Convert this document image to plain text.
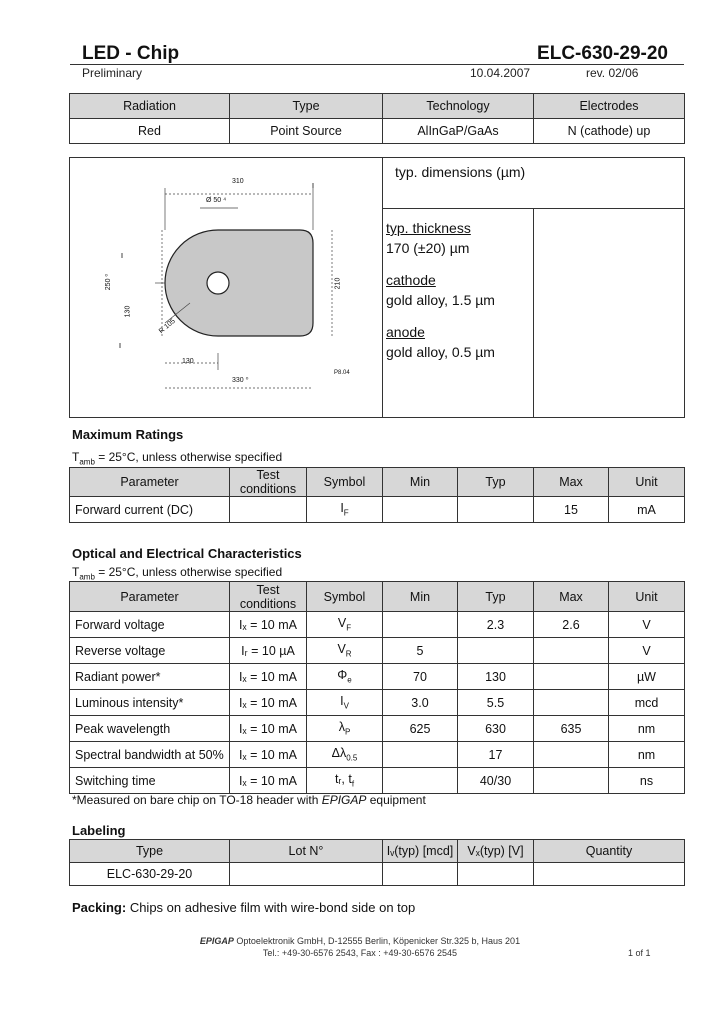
LED - Chip	ELC-630-29-20
Preliminary	10.04.2007	rev. 02/06
Radiation	Type	Technology	Electrodes
Red	Point Source	AlInGaP/GaAs	N (cathode) up
310
Ø 50 ⁴
250 ⁰
130
210
R 105
130
330 ⁰
P8.04
typ. dimensions (µm)
typ. thickness
170 (±20) µm
cathode
gold alloy, 1.5 µm
anode
gold alloy, 0.5 µm
Maximum Ratings
$T_{amb} = 25^\circ C$, unless otherwise specified
Parameter	Test conditions	Symbol	Min	Typ	Max	Unit
Forward current (DC)		$I_F$			15	mA
Optical and Electrical Characteristics
$T_{amb} = 25^\circ C$, unless otherwise specified
Parameter	Test conditions	Symbol	Min	Typ	Max	Unit
Forward voltage	Iₓ = 10 mA	$V_F$		2.3	2.6	V
Reverse voltage	Iᵣ = 10 µA	$V_R$	5			V
Radiant power*	Iₓ = 10 mA	$\Phi_e$	70	130		µW
Luminous intensity*	Iₓ = 10 mA	$I_V$	3.0	5.5		mcd
Peak wavelength	Iₓ = 10 mA	$\lambda_P$	625	630	635	nm
Spectral bandwidth at 50%	Iₓ = 10 mA	$\Delta\lambda_{0.5}$		17		nm
Switching time	Iₓ = 10 mA	tᵣ, $t_f$		40/30		ns
*Measured on bare chip on TO-18 header with EPIGAP equipment
Labeling
Type	Lot N°	Iᵥ(typ) [mcd]	Vₓ(typ) [V]	Quantity
ELC-630-29-20				
Packing: Chips on adhesive film with wire-bond side on top
EPIGAP Optoelektronik GmbH, D-12555 Berlin, Köpenicker Str.325 b, Haus 201
Tel.: +49-30-6576 2543, Fax : +49-30-6576 2545	1 of 1
